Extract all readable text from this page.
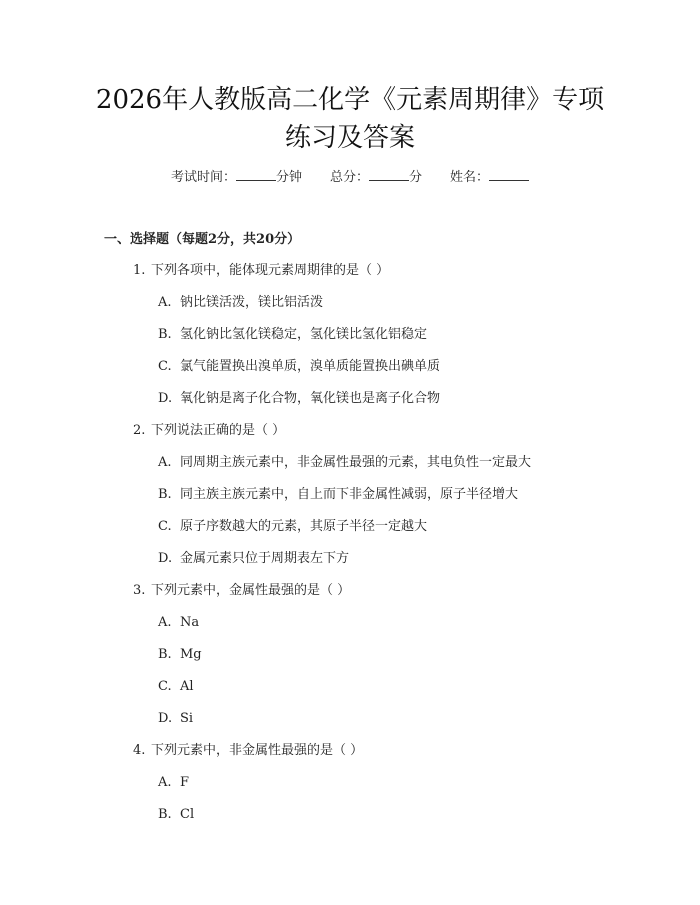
2026年人教版高二化学《元素周期律》专项
练习及答案
考试时间：	分钟 总分：	分 姓名：
一、选择题（每题2分，共20分）
1. 下列各项中，能体现元素周期律的是（ ）
A. 钠比镁活泼，镁比铝活泼
B. 氢化钠比氢化镁稳定，氢化镁比氢化铝稳定
C. 氯气能置换出溴单质，溴单质能置换出碘单质
D. 氧化钠是离子化合物，氧化镁也是离子化合物
2. 下列说法正确的是（ ）
A. 同周期主族元素中，非金属性最强的元素，其电负性一定最大
B. 同主族主族元素中，自上而下非金属性减弱，原子半径增大
C. 原子序数越大的元素，其原子半径一定越大
D. 金属元素只位于周期表左下方
3. 下列元素中，金属性最强的是（ ）
A. Na
B. Mg
C. Al
D. Si
4. 下列元素中，非金属性最强的是（ ）
A. F
B. Cl
